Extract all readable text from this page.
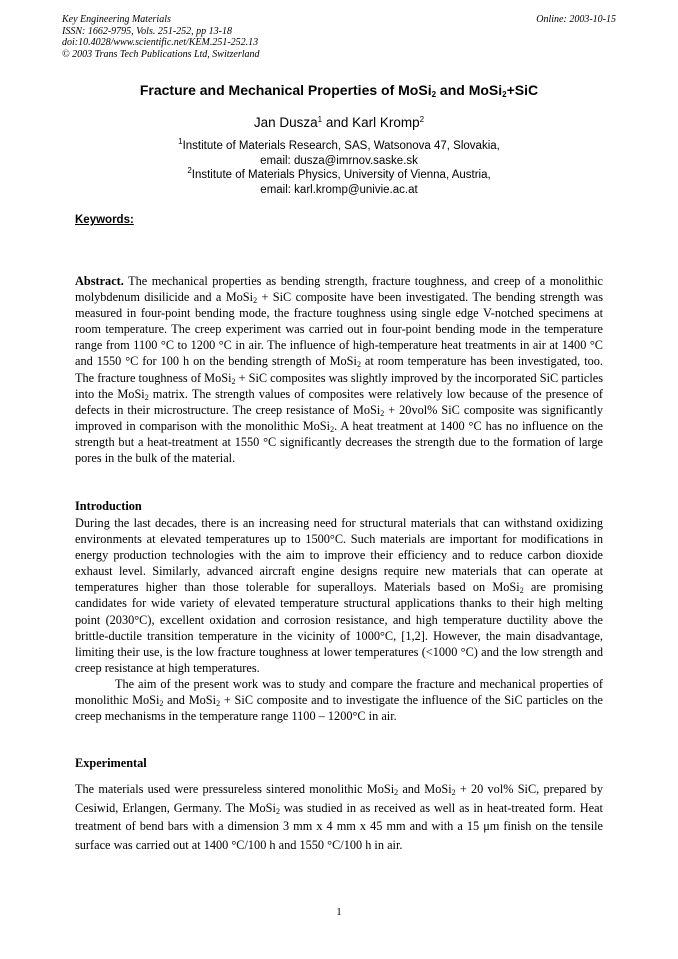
Key Engineering Materials
ISSN: 1662-9795, Vols. 251-252, pp 13-18
doi:10.4028/www.scientific.net/KEM.251-252.13
© 2003 Trans Tech Publications Ltd, Switzerland
Online: 2003-10-15
Fracture and Mechanical Properties of MoSi$_2$ and MoSi$_2$+SiC
Jan Dusza$^1$ and Karl Kromp$^2$
$^1$Institute of Materials Research, SAS, Watsonova 47, Slovakia,
email: dusza@imrnov.saske.sk
$^2$Institute of Materials Physics, University of Vienna, Austria,
email: karl.kromp@univie.ac.at
Keywords:
Abstract. The mechanical properties as bending strength, fracture toughness, and creep of a monolithic molybdenum disilicide and a MoSi$_2$ + SiC composite have been investigated. The bending strength was measured in four-point bending mode, the fracture toughness using single edge V-notched specimens at room temperature. The creep experiment was carried out in four-point bending mode in the temperature range from 1100 °C to 1200 °C in air. The influence of high-temperature heat treatments in air at 1400 °C and 1550 °C for 100 h on the bending strength of MoSi$_2$ at room temperature has been investigated, too. The fracture toughness of MoSi$_2$ + SiC composites was slightly improved by the incorporated SiC particles into the MoSi$_2$ matrix. The strength values of composites were relatively low because of the presence of defects in their microstructure. The creep resistance of MoSi$_2$ + 20vol% SiC composite was significantly improved in comparison with the monolithic MoSi$_2$. A heat treatment at 1400 °C has no influence on the strength but a heat-treatment at 1550 °C significantly decreases the strength due to the formation of large pores in the bulk of the material.
Introduction
During the last decades, there is an increasing need for structural materials that can withstand oxidizing environments at elevated temperatures up to 1500°C. Such materials are important for modifications in energy production technologies with the aim to improve their efficiency and to reduce carbon dioxide exhaust level. Similarly, advanced aircraft engine designs require new materials that can operate at temperatures higher than those tolerable for superalloys. Materials based on MoSi$_2$ are promising candidates for wide variety of elevated temperature structural applications thanks to their high melting point (2030°C), excellent oxidation and corrosion resistance, and high temperature ductility above the brittle-ductile transition temperature in the vicinity of 1000°C, [1,2]. However, the main disadvantage, limiting their use, is the low fracture toughness at lower temperatures (<1000 °C) and the low strength and creep resistance at high temperatures.
The aim of the present work was to study and compare the fracture and mechanical properties of monolithic MoSi$_2$ and MoSi$_2$ + SiC composite and to investigate the influence of the SiC particles on the creep mechanisms in the temperature range 1100 – 1200°C in air.
Experimental
The materials used were pressureless sintered monolithic MoSi$_2$ and MoSi$_2$ + 20 vol% SiC, prepared by Cesiwid, Erlangen, Germany. The MoSi$_2$ was studied in as received as well as in heat-treated form. Heat treatment of bend bars with a dimension 3 mm x 4 mm x 45 mm and with a 15 μm finish on the tensile surface was carried out at 1400 °C/100 h and 1550 °C/100 h in air.
1
